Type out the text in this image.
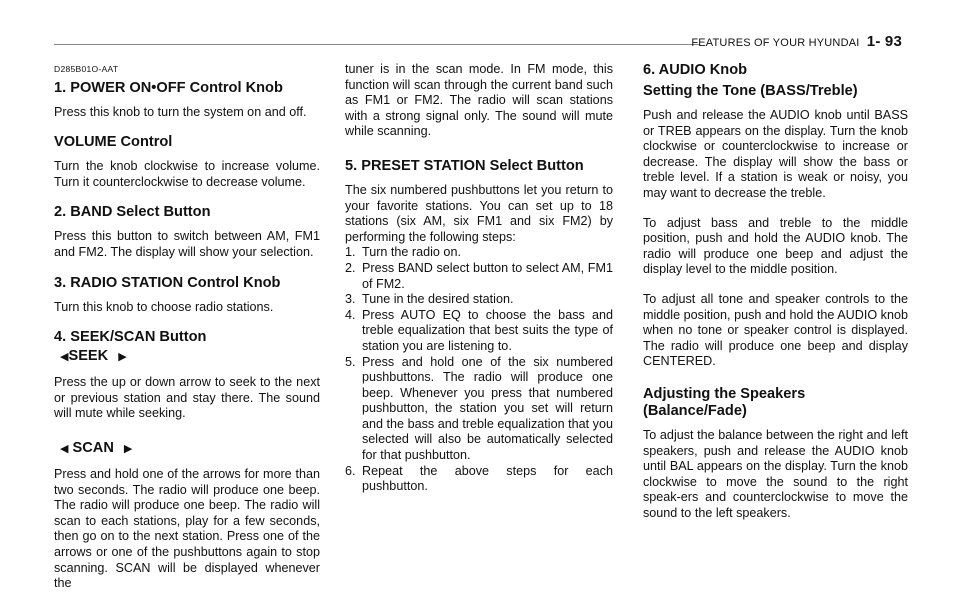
FEATURES OF YOUR HYUNDAI 1- 93
D285B01O-AAT
1. POWER ON•OFF Control Knob

Press this knob to turn the system on and off.

VOLUME Control

Turn the knob clockwise to increase volume. Turn it counterclockwise to decrease volume.

2. BAND Select Button

Press this button to switch between AM, FM1 and FM2. The display will show your selection.

3. RADIO STATION Control Knob

Turn this knob to choose radio stations.

4. SEEK/SCAN Button
◀SEEK ▶

Press the up or down arrow to seek to the next or previous station and stay there. The sound will mute while seeking.

◀ SCAN ▶

Press and hold one of the arrows for more than two seconds. The radio will produce one beep. The radio will produce one beep. The radio will scan to each stations, play for a few seconds, then go on to the next station. Press one of the arrows or one of the pushbuttons again to stop scanning. SCAN will be displayed whenever the

tuner is in the scan mode. In FM mode, this function will scan through the current band such as FM1 or FM2. The radio will scan stations with a strong signal only. The sound will mute while scanning.

5. PRESET STATION Select Button

The six numbered pushbuttons let you return to your favorite stations. You can set up to 18 stations (six AM, six FM1 and six FM2) by performing the following steps:

1. Turn the radio on.
2. Press BAND select button to select AM, FM1 of FM2.
3. Tune in the desired station.
4. Press AUTO EQ to choose the bass and treble equalization that best suits the type of station you are listening to.
5. Press and hold one of the six numbered pushbuttons. The radio will produce one beep. Whenever you press that numbered pushbutton, the station you set will return and the bass and treble equalization that you selected will also be automatically selected for that pushbutton.
6. Repeat the above steps for each pushbutton.
6. AUDIO Knob
Setting the Tone (BASS/Treble)

Push and release the AUDIO knob until BASS or TREB appears on the display. Turn the knob clockwise or counterclockwise to increase or decrease. The display will show the bass or treble level. If a station is weak or noisy, you may want to decrease the treble.

To adjust bass and treble to the middle position, push and hold the AUDIO knob. The radio will produce one beep and adjust the display level to the middle position.

To adjust all tone and speaker controls to the middle position, push and hold the AUDIO knob when no tone or speaker control is displayed. The radio will produce one beep and display CENTERED.

Adjusting the Speakers (Balance/Fade)

To adjust the balance between the right and left speakers, push and release the AUDIO knob until BAL appears on the display. Turn the knob clockwise to move the sound to the right speak-ers and counterclockwise to move the sound to the left speakers.
